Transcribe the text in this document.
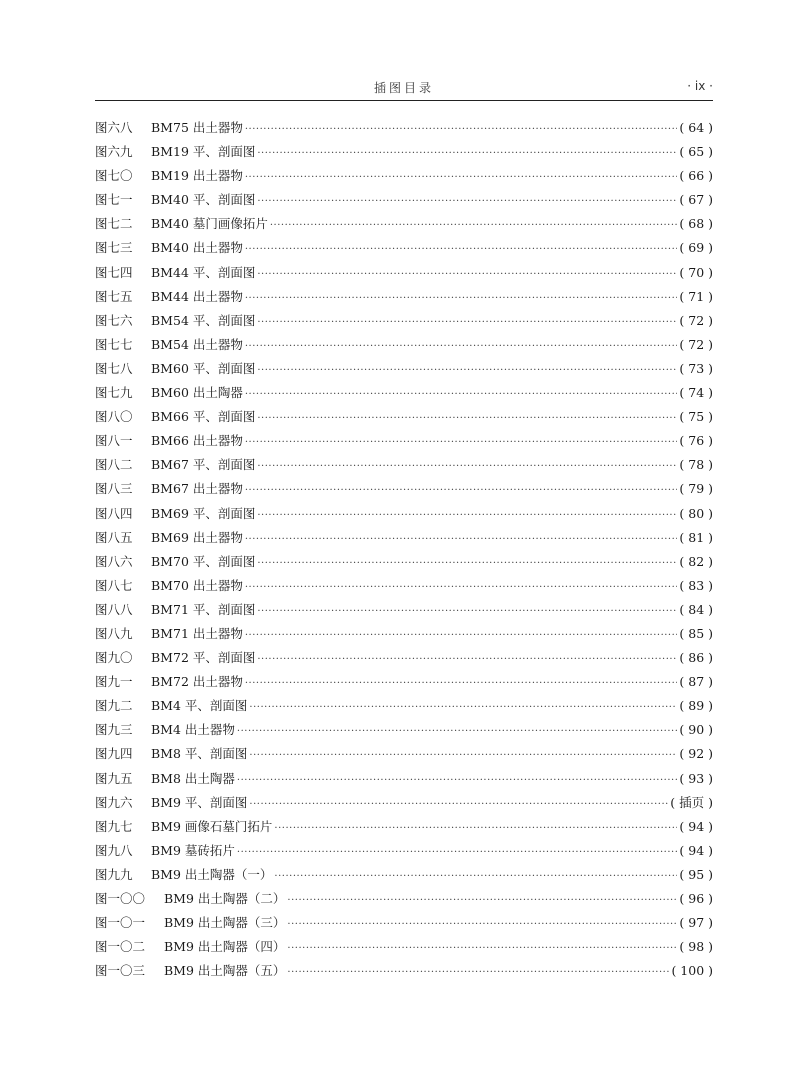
插图目录	· ix ·
图六八	BM75 出土器物 ·····	( 64 )
图六九	BM19 平、剖面图 ·····	( 65 )
图七〇	BM19 出土器物 ·····	( 66 )
图七一	BM40 平、剖面图 ·····	( 67 )
图七二	BM40 墓门画像拓片 ·····	( 68 )
图七三	BM40 出土器物 ·····	( 69 )
图七四	BM44 平、剖面图 ·····	( 70 )
图七五	BM44 出土器物 ·····	( 71 )
图七六	BM54 平、剖面图 ·····	( 72 )
图七七	BM54 出土器物 ·····	( 72 )
图七八	BM60 平、剖面图 ·····	( 73 )
图七九	BM60 出土陶器 ·····	( 74 )
图八〇	BM66 平、剖面图 ·····	( 75 )
图八一	BM66 出土器物 ·····	( 76 )
图八二	BM67 平、剖面图 ·····	( 78 )
图八三	BM67 出土器物 ·····	( 79 )
图八四	BM69 平、剖面图 ·····	( 80 )
图八五	BM69 出土器物 ·····	( 81 )
图八六	BM70 平、剖面图 ·····	( 82 )
图八七	BM70 出土器物 ·····	( 83 )
图八八	BM71 平、剖面图 ·····	( 84 )
图八九	BM71 出土器物 ·····	( 85 )
图九〇	BM72 平、剖面图 ·····	( 86 )
图九一	BM72 出土器物 ·····	( 87 )
图九二	BM4 平、剖面图 ·····	( 89 )
图九三	BM4 出土器物 ·····	( 90 )
图九四	BM8 平、剖面图 ·····	( 92 )
图九五	BM8 出土陶器 ·····	( 93 )
图九六	BM9 平、剖面图 ·····	( 插页 )
图九七	BM9 画像石墓门拓片 ·····	( 94 )
图九八	BM9 墓砖拓片 ·····	( 94 )
图九九	BM9 出土陶器（一） ·····	( 95 )
图一〇〇	BM9 出土陶器（二） ·····	( 96 )
图一〇一	BM9 出土陶器（三） ·····	( 97 )
图一〇二	BM9 出土陶器（四） ·····	( 98 )
图一〇三	BM9 出土陶器（五） ·····	( 100 )
